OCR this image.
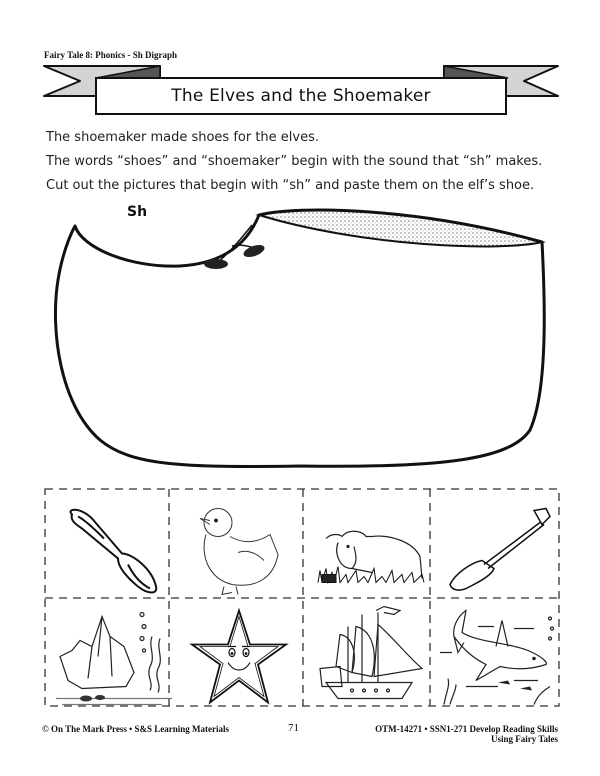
Fairy Tale 8: Phonics - Sh Digraph
The Elves and the Shoemaker

The shoemaker made shoes for the elves.

The words “shoes” and “shoemaker” begin with the sound that “sh” makes.

Cut out the pictures that begin with “sh” and paste them on the elf’s shoe.

Sh
© On The Mark Press • S&S Learning Materials	71	OTM-14271 • SSN1-271 Develop Reading Skills
Using Fairy Tales
